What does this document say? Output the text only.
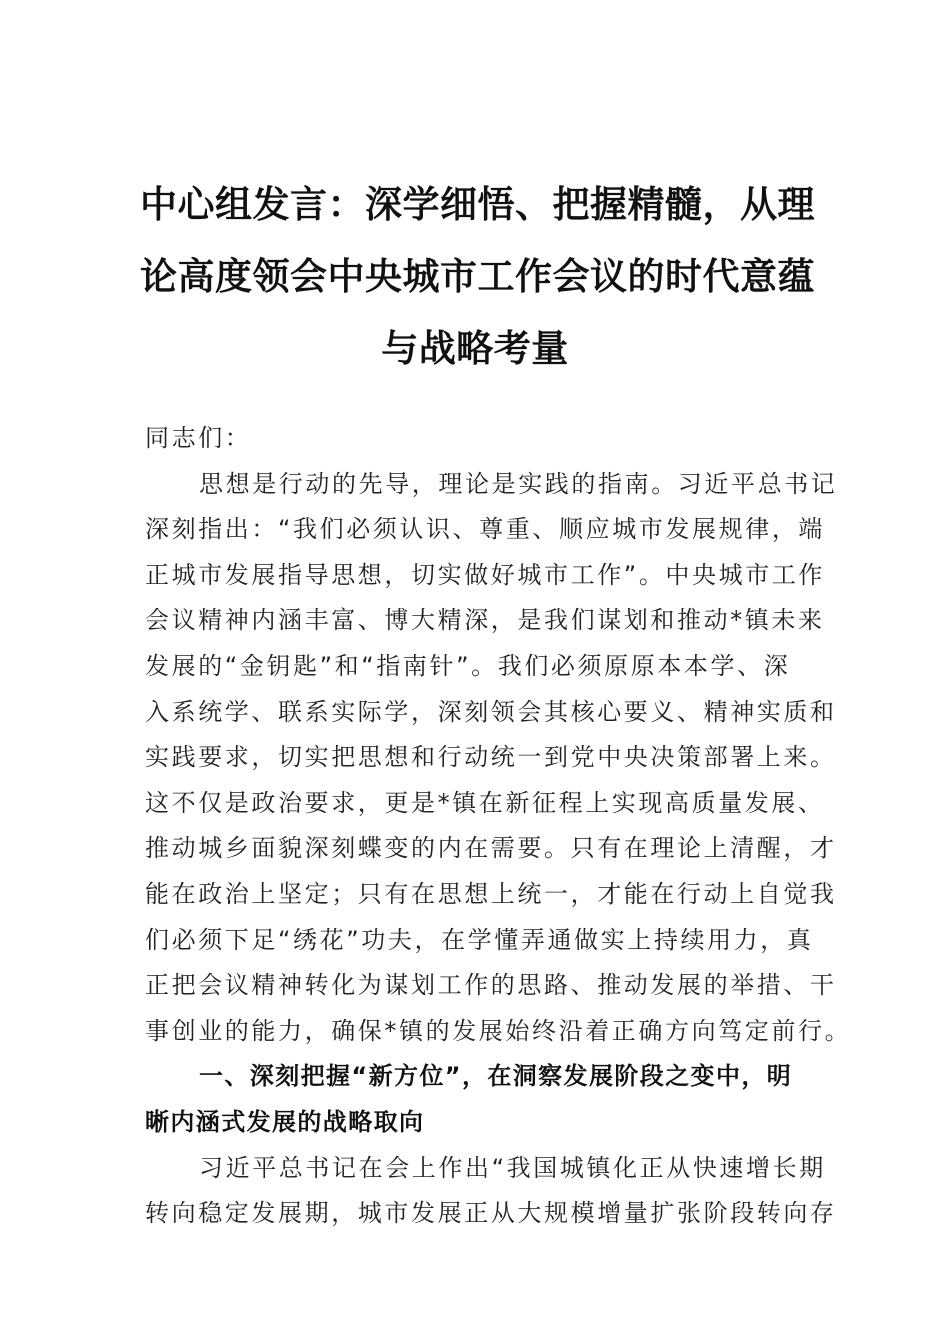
中心组发言：深学细悟、把握精髓，从理
论高度领会中央城市工作会议的时代意蕴
与战略考量
同志们：
思想是行动的先导，理论是实践的指南。习近平总书记
深刻指出：“我们必须认识、尊重、顺应城市发展规律，端
正城市发展指导思想，切实做好城市工作”。中央城市工作
会议精神内涵丰富、博大精深，是我们谋划和推动*镇未来
发展的“金钥匙”和“指南针”。我们必须原原本本学、深
入系统学、联系实际学，深刻领会其核心要义、精神实质和
实践要求，切实把思想和行动统一到党中央决策部署上来。
这不仅是政治要求，更是*镇在新征程上实现高质量发展、
推动城乡面貌深刻蝶变的内在需要。只有在理论上清醒，才
能在政治上坚定；只有在思想上统一，才能在行动上自觉我
们必须下足“绣花”功夫，在学懂弄通做实上持续用力，真
正把会议精神转化为谋划工作的思路、推动发展的举措、干
事创业的能力，确保*镇的发展始终沿着正确方向笃定前行。
一、深刻把握“新方位”，在洞察发展阶段之变中，明
晰内涵式发展的战略取向
习近平总书记在会上作出“我国城镇化正从快速增长期
转向稳定发展期，城市发展正从大规模增量扩张阶段转向存
